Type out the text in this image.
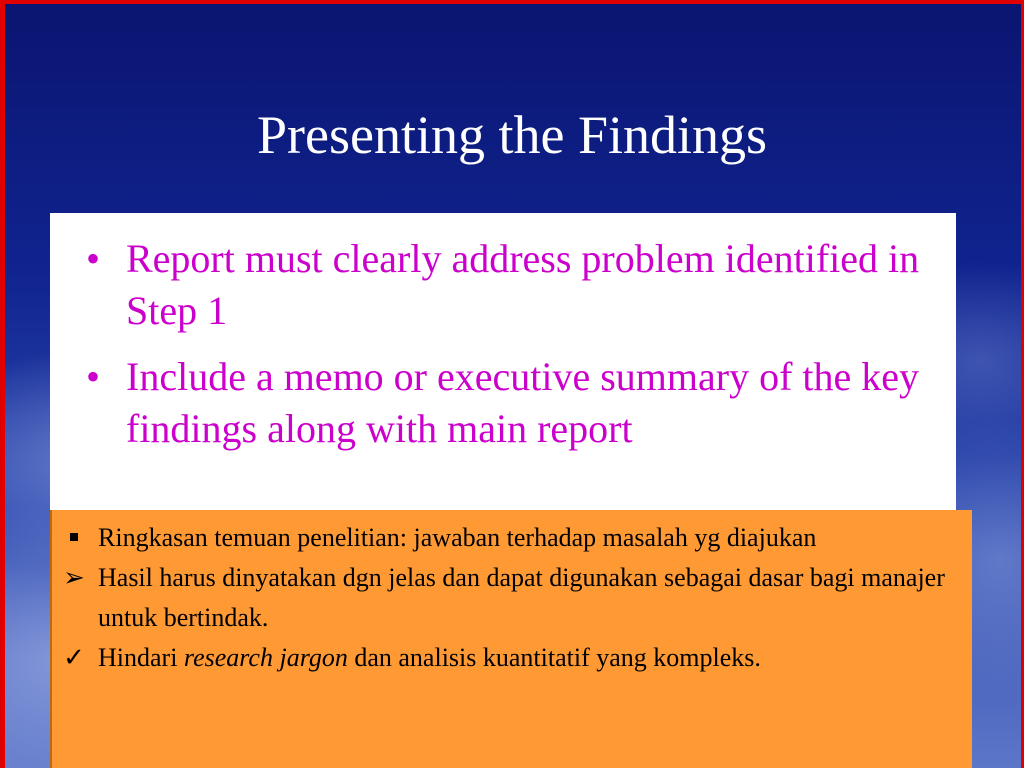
Presenting the Findings
• Report must clearly address problem identified in Step 1
• Include a memo or executive summary of the key findings along with main report
Ringkasan temuan penelitian: jawaban terhadap masalah yg diajukan
➢ Hasil harus dinyatakan dgn jelas dan dapat digunakan sebagai dasar bagi manajer untuk bertindak.
✓ Hindari research jargon dan analisis kuantitatif yang kompleks.
